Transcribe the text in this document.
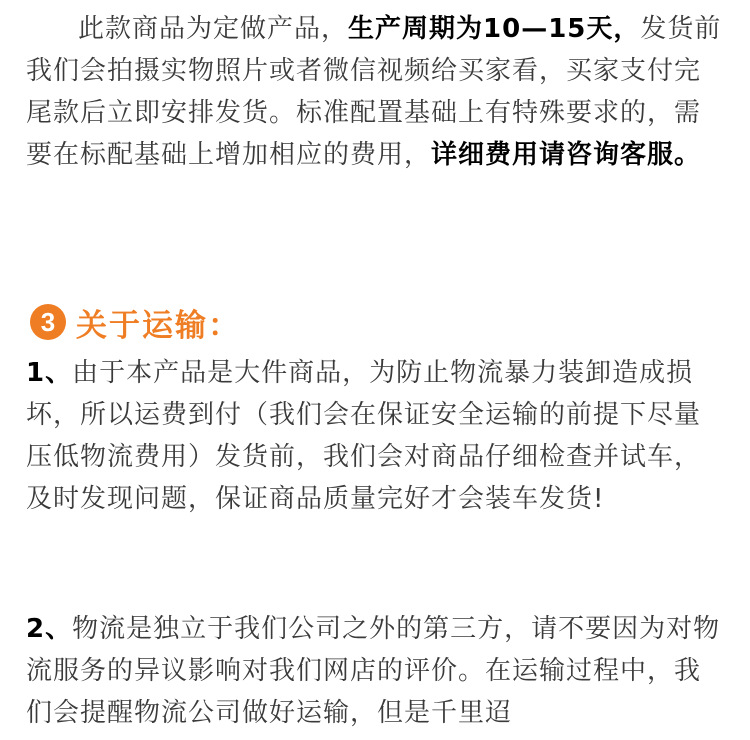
此款商品为定做产品，生产周期为10—15天，发货前我们会拍摄实物照片或者微信视频给买家看，买家支付完尾款后立即安排发货。标准配置基础上有特殊要求的，需要在标配基础上增加相应的费用，详细费用请咨询客服。
3 关于运输：
1、由于本产品是大件商品，为防止物流暴力装卸造成损坏，所以运费到付（我们会在保证安全运输的前提下尽量压低物流费用）发货前，我们会对商品仔细检查并试车，及时发现问题，保证商品质量完好才会装车发货!
2、物流是独立于我们公司之外的第三方，请不要因为对物流服务的异议影响对我们网店的评价。在运输过程中，我们会提醒物流公司做好运输，但是千里迢
